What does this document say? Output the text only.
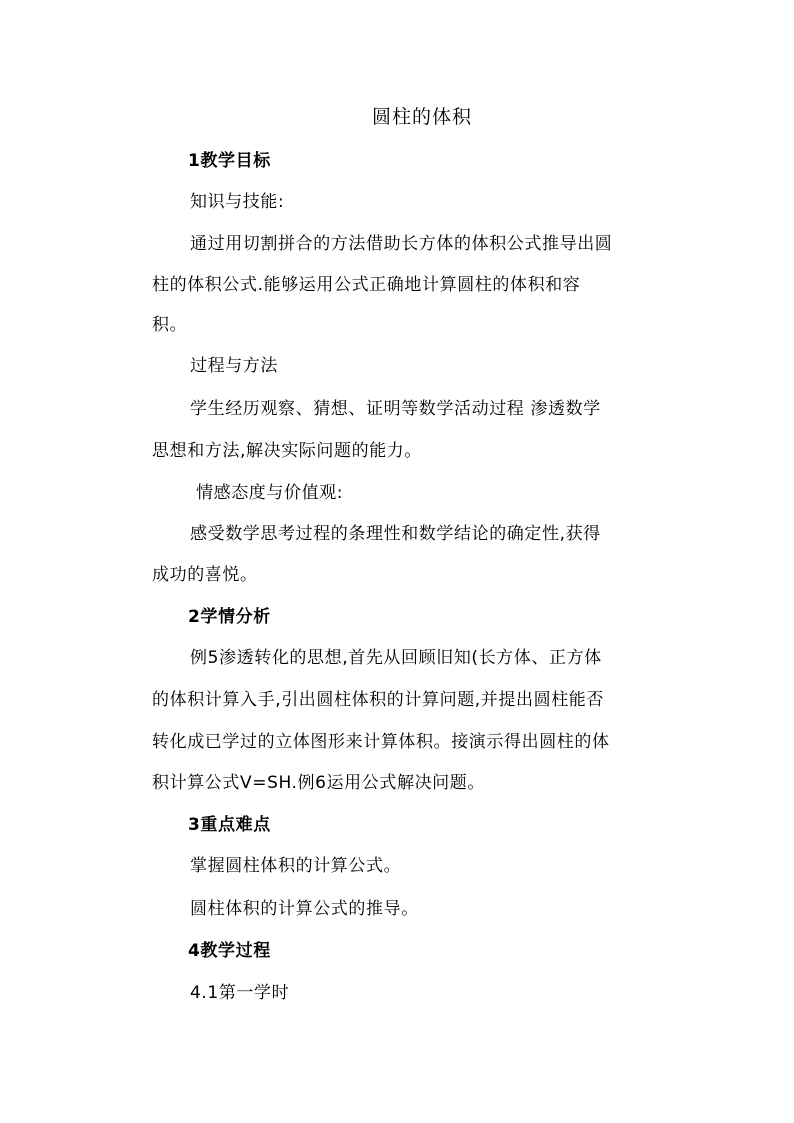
圆柱的体积
1教学目标
知识与技能:
通过用切割拼合的方法借助长方体的体积公式推导出圆
柱的体积公式.能够运用公式正确地计算圆柱的体积和容
积。
过程与方法
学生经历观察、猜想、证明等数学活动过程 渗透数学
思想和方法,解决实际问题的能力。
情感态度与价值观:
感受数学思考过程的条理性和数学结论的确定性,获得
成功的喜悦。
2学情分析
例5渗透转化的思想,首先从回顾旧知(长方体、正方体
的体积计算入手,引出圆柱体积的计算问题,并提出圆柱能否
转化成已学过的立体图形来计算体积。接演示得出圆柱的体
积计算公式V=SH.例6运用公式解决问题。
3重点难点
掌握圆柱体积的计算公式。
圆柱体积的计算公式的推导。
4教学过程
4.1第一学时
